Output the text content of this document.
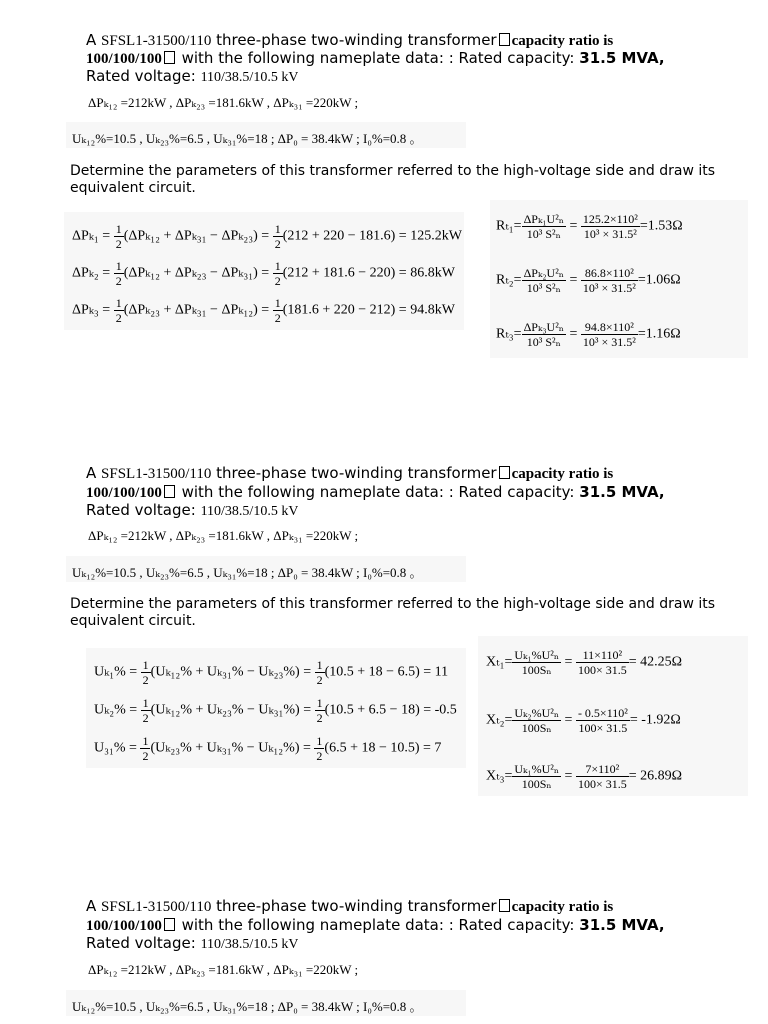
A SFSL1-31500/110 three-phase two-winding transformer capacity ratio is
100/100/100 with the following nameplate data: : Rated capacity: 31.5 MVA,
Rated voltage: 110/38.5/10.5 kV
ΔPₖ₁₂ =212kW , ΔPₖ₂₃ =181.6kW , ΔPₖ₃₁ =220kW ;
Uₖ₁₂%=10.5 , Uₖ₂₃%=6.5 , Uₖ₃₁%=18 ; ΔP₀ = 38.4kW ; I₀%=0.8 。
Determine the parameters of this transformer referred to the high-voltage side and draw its equivalent circuit.
$\Delta P_{k1} = \frac{1}{2} (\Delta P_{k12} + \Delta P_{k31} - \Delta P_{k23}) = \frac{1}{2} (212 + 220 - 181.6) = 125.2kW$
$\Delta P_{k2} = \frac{1}{2} (\Delta P_{k12} + \Delta P_{k23} - \Delta P_{k31}) = \frac{1}{2} (212 + 181.6 - 220) = 86.8kW$
$\Delta P_{k3} = \frac{1}{2} (\Delta P_{k23} + \Delta P_{k31} - \Delta P_{k12}) = \frac{1}{2} (181.6 + 220 - 212) = 94.8kW$
$R_{t1}= \frac{\text{ΔPₖ₁U²ₙ}}{\text{10³ S²ₙ}} = \frac{\text{125.2×110²}}{\text{10³ × 31.5²}} =1.53\Omega$
$R_{t2}= \frac{\text{ΔPₖ₂U²ₙ}}{\text{10³ S²ₙ}} = \frac{\text{86.8×110²}}{\text{10³ × 31.5²}} =1.06\Omega$
$R_{t3}= \frac{\text{ΔPₖ₃U²ₙ}}{\text{10³ S²ₙ}} = \frac{\text{94.8×110²}}{\text{10³ × 31.5²}} =1.16\Omega$
A SFSL1-31500/110 three-phase two-winding transformer capacity ratio is
100/100/100 with the following nameplate data: : Rated capacity: 31.5 MVA,
Rated voltage: 110/38.5/10.5 kV
ΔPₖ₁₂ =212kW , ΔPₖ₂₃ =181.6kW , ΔPₖ₃₁ =220kW ;
Uₖ₁₂%=10.5 , Uₖ₂₃%=6.5 , Uₖ₃₁%=18 ; ΔP₀ = 38.4kW ; I₀%=0.8 。
Determine the parameters of this transformer referred to the high-voltage side and draw its equivalent circuit.
$U_{k1}\% = \frac{1}{2} (U_{k12}\% + U_{k31}\% - U_{k23}\%) = \frac{1}{2} (10.5 + 18 - 6.5) = 11$
$U_{k2}\% = \frac{1}{2} (U_{k12}\% + U_{k23}\% - U_{k31}\%) = \frac{1}{2} (10.5 + 6.5 - 18) = -0.5$
$U_{31}\% = \frac{1}{2} (U_{k23}\% + U_{k31}\% - U_{k12}\%) = \frac{1}{2} (6.5 + 18 - 10.5) = 7$
$X_{t1}= \frac{\text{Uₖ₁\%U²ₙ}}{\text{100Sₙ}} = \frac{\text{11×110²}}{100\times 31.5} = 42.25\Omega$
$X_{t2}= \frac{\text{Uₖ₂\%U²ₙ}}{\text{100Sₙ}} = \frac{\text{- 0.5×110²}}{100\times 31.5} = -1.92\Omega$
$X_{t3}= \frac{\text{Uₖ₁\%U²ₙ}}{\text{100Sₙ}} = \frac{\text{7×110²}}{100\times 31.5} = 26.89\Omega$
A SFSL1-31500/110 three-phase two-winding transformer capacity ratio is
100/100/100 with the following nameplate data: : Rated capacity: 31.5 MVA,
Rated voltage: 110/38.5/10.5 kV
ΔPₖ₁₂ =212kW , ΔPₖ₂₃ =181.6kW , ΔPₖ₃₁ =220kW ;
Uₖ₁₂%=10.5 , Uₖ₂₃%=6.5 , Uₖ₃₁%=18 ; ΔP₀ = 38.4kW ; I₀%=0.8 。
